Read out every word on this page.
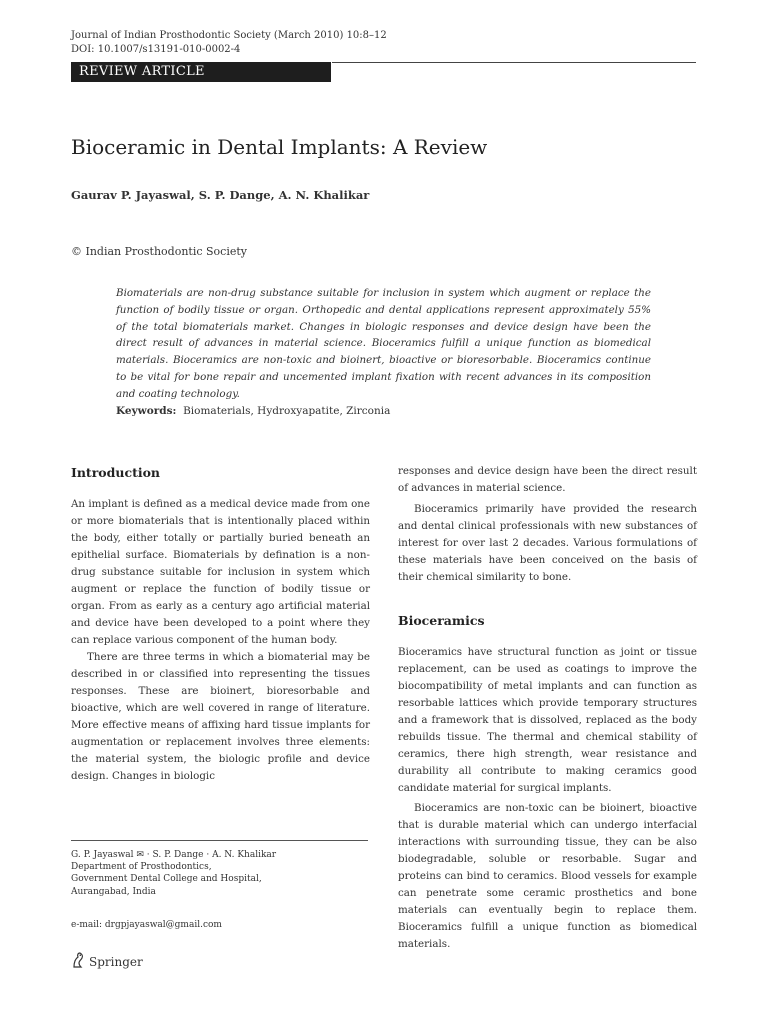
Journal of Indian Prosthodontic Society (March 2010) 10:8–12
DOI: 10.1007/s13191-010-0002-4
REVIEW ARTICLE
Bioceramic in Dental Implants: A Review
Gaurav P. Jayaswal, S. P. Dange, A. N. Khalikar
© Indian Prosthodontic Society
Biomaterials are non-drug substance suitable for inclusion in system which augment or replace the function of bodily tissue or organ. Orthopedic and dental applications represent approximately 55% of the total biomaterials market. Changes in biologic responses and device design have been the direct result of advances in material science. Bioceramics fulfill a unique function as biomedical materials. Bioceramics are non-toxic and bioinert, bioactive or bioresorbable. Bioceramics continue to be vital for bone repair and uncemented implant fixation with recent advances in its composition and coating technology.
Keywords: Biomaterials, Hydroxyapatite, Zirconia
Introduction

An implant is defined as a medical device made from one or more biomaterials that is intentionally placed within the body, either totally or partially buried beneath an epithelial surface. Biomaterials by defination is a non-drug substance suitable for inclusion in system which augment or replace the function of bodily tissue or organ. From as early as a century ago artificial material and device have been developed to a point where they can replace various component of the human body.

There are three terms in which a biomaterial may be described in or classified into representing the tissues responses. These are bioinert, bioresorbable and bioactive, which are well covered in range of literature. More effective means of affixing hard tissue implants for augmentation or replacement involves three elements: the material system, the biologic profile and device design. Changes in biologic

responses and device design have been the direct result of advances in material science.

Bioceramics primarily have provided the research and dental clinical professionals with new substances of interest for over last 2 decades. Various formulations of these materials have been conceived on the basis of their chemical similarity to bone.

Bioceramics

Bioceramics have structural function as joint or tissue replacement, can be used as coatings to improve the biocompatibility of metal implants and can function as resorbable lattices which provide temporary structures and a framework that is dissolved, replaced as the body rebuilds tissue. The thermal and chemical stability of ceramics, there high strength, wear resistance and durability all contribute to making ceramics good candidate material for surgical implants.

Bioceramics are non-toxic can be bioinert, bioactive that is durable material which can undergo interfacial interactions with surrounding tissue, they can be also biodegradable, soluble or resorbable. Sugar and proteins can bind to ceramics. Blood vessels for example can penetrate some ceramic prosthetics and bone materials can eventually begin to replace them. Bioceramics fulfill a unique function as biomedical materials.

G. P. Jayaswal ✉ · S. P. Dange · A. N. Khalikar
Department of Prosthodontics,
Government Dental College and Hospital,
Aurangabad, India
e-mail: drgpjayaswal@gmail.com
Springer
